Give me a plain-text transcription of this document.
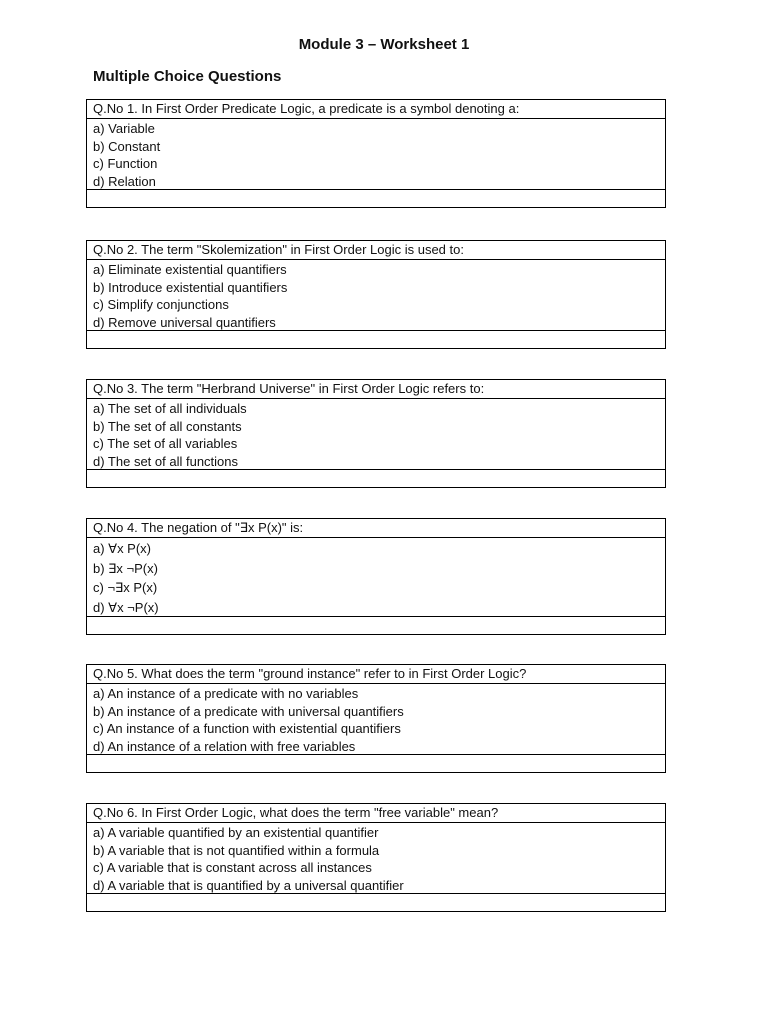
Module 3 – Worksheet 1
Multiple Choice Questions
Q.No 1. In First Order Predicate Logic, a predicate is a symbol denoting a:
a) Variable
b) Constant
c) Function
d) Relation
Q.No 2. The term "Skolemization" in First Order Logic is used to:
a) Eliminate existential quantifiers
b) Introduce existential quantifiers
c) Simplify conjunctions
d) Remove universal quantifiers
Q.No 3. The term "Herbrand Universe" in First Order Logic refers to:
a) The set of all individuals
b) The set of all constants
c) The set of all variables
d) The set of all functions
Q.No 4. The negation of "∃x P(x)" is:
a) ∀x P(x)
b) ∃x ¬P(x)
c) ¬∃x P(x)
d) ∀x ¬P(x)
Q.No 5. What does the term "ground instance" refer to in First Order Logic?
a) An instance of a predicate with no variables
b) An instance of a predicate with universal quantifiers
c) An instance of a function with existential quantifiers
d) An instance of a relation with free variables
Q.No 6. In First Order Logic, what does the term "free variable" mean?
a) A variable quantified by an existential quantifier
b) A variable that is not quantified within a formula
c) A variable that is constant across all instances
d) A variable that is quantified by a universal quantifier
